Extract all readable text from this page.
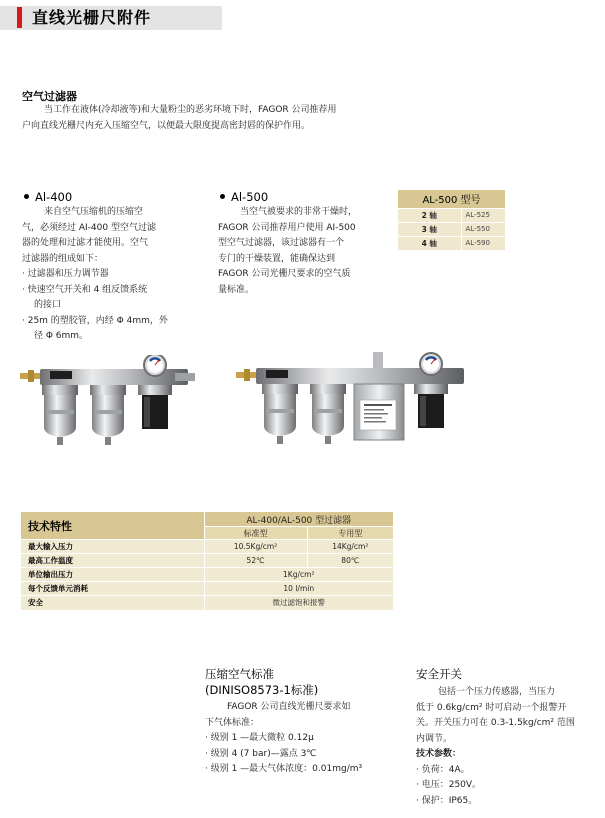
直线光栅尺附件
空气过滤器

当工作在液体(冷却液等)和大量粉尘的恶劣环境下时，FAGOR 公司推荐用

户向直线光栅尺内充入压缩空气，以便最大限度提高密封唇的保护作用。

Al-400

来自空气压缩机的压缩空

气，必须经过 AI-400 型空气过滤

器的处理和过滤才能使用。空气

过滤器的组成如下：

· 过滤器和压力调节器

· 快速空气开关和 4 组反馈系统

的接口

· 25m 的塑胶管，内经 Φ 4mm，外

径 Φ 6mm。

Al-500

当空气被要求的非常干燥时，

FAGOR 公司推荐用户使用 AI-500

型空气过滤器，该过滤器有一个

专门的干燥装置，能确保达到

FAGOR 公司光栅尺要求的空气质

量标准。

AL-500 型号	
2 轴	AL-525
3 轴	AL-550
4 轴	AL-590
技术特性	AL-400/AL-500 型过滤器	
	标准型	专用型
最大输入压力	10.5Kg/cm²	14Kg/cm²
最高工作温度	52℃	80℃
单位输出压力	1Kg/cm²	
每个反馈单元消耗	10 l/min	
安全	微过滤饱和报警	
压缩空气标准
(DINISO8573-1标准)

FAGOR 公司直线光栅尺要求如

下气体标准：

· 级别 1 —最大微粒 0.12μ

· 级别 4 (7 bar)—露点 3℃

· 级别 1 —最大气体浓度：0.01mg/m³

安全开关

包括一个压力传感器，当压力

低于 0.6kg/cm² 时可启动一个报警开

关。开关压力可在 0.3-1.5kg/cm² 范围

内调节。

技术参数：

· 负荷：4A。

· 电压：250V。

· 保护：IP65。
